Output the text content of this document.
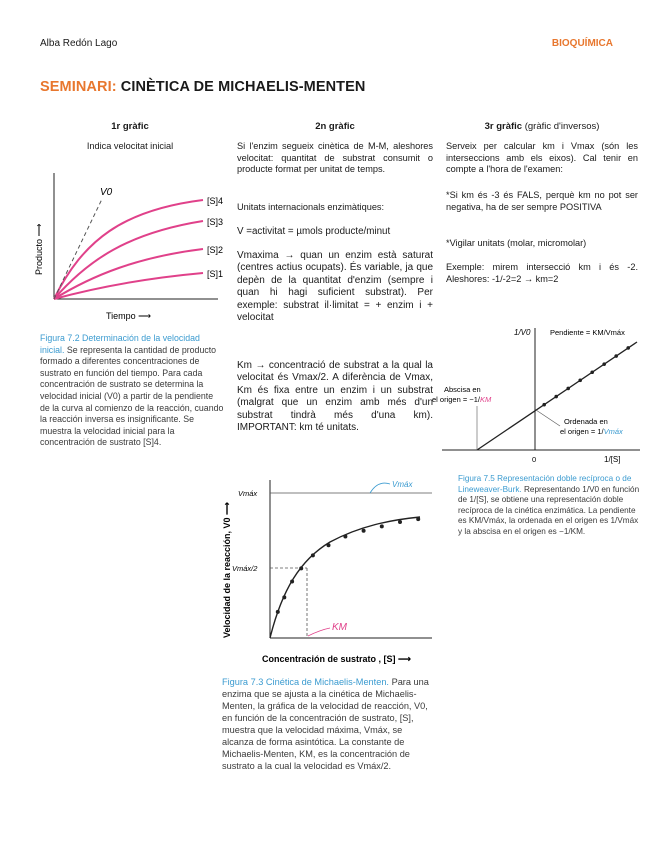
Alba Redón Lago	BIOQUÍMICA
SEMINARI: CINÈTICA DE MICHAELIS-MENTEN
1r gràfic
Indica velocitat inicial
V0
[S]4
[S]3
[S]2
[S]1
Producto ⟶
Tiempo ⟶
Figura 7.2 Determinación de la velocidad inicial. Se representa la cantidad de producto formado a diferentes concentraciones de sustrato en función del tiempo. Para cada concentración de sustrato se determina la velocidad inicial (V0) a partir de la pendiente de la curva al comienzo de la reacción, cuando la reacción inversa es insignificante. Se muestra la velocidad inicial para la concentración de sustrato [S]4.
2n gràfic
Si l'enzim segueix cinètica de M-M, aleshores velocitat: quantitat de substrat consumit o producte format per unitat de temps.
Unitats internacionals enzimàtiques:
V =activitat = µmols producte/minut
Vmaxima → quan un enzim està saturat (centres actius ocupats). És variable, ja que depèn de la quantitat d'enzim (sempre i quan hi hagi suficient substrat). Per exemple: substrat il·limitat = + enzim i + velocitat
Km → concentració de substrat a la qual la velocitat és Vmax/2. A diferència de Vmax, Km és fixa entre un enzim i un substrat (malgrat que un enzim amb més d'un substrat tindrà més d'una km). IMPORTANT: km té unitats.
Vmáx
Vmáx
Vmáx/2
KM
Velocidad de la reacción, V0 ⟶
Concentración de sustrato , [S] ⟶
Figura 7.3 Cinética de Michaelis-Menten. Para una enzima que se ajusta a la cinética de Michaelis-Menten, la gráfica de la velocidad de reacción, V0, en función de la concentración de sustrato, [S], muestra que la velocidad máxima, Vmáx, se alcanza de forma asintótica. La constante de Michaelis-Menten, KM, es la concentración de sustrato a la cual la velocidad es Vmáx/2.
3r gràfic (gràfic d'inversos)
Serveix per calcular km i Vmax (són les interseccions amb els eixos). Cal tenir en compte a l'hora de l'examen:
*Si km és -3 és FALS, perquè km no pot ser negativa, ha de ser sempre POSITIVA
*Vigilar unitats (molar, micromolar)
Exemple: mirem intersecció km i és -2. Aleshores: -1/-2=2 → km=2
1/V0	Pendiente = KM/Vmáx
Abscisa en
el origen = −1/KM
Ordenada en
el origen = 1/Vmáx
0	1/[S]
Figura 7.5 Representación doble recíproca o de Lineweaver-Burk. Representando 1/V0 en función de 1/[S], se obtiene una representación doble recíproca de la cinética enzimática. La pendiente es KM/Vmáx, la ordenada en el origen es 1/Vmáx y la abscisa en el origen es −1/KM.
